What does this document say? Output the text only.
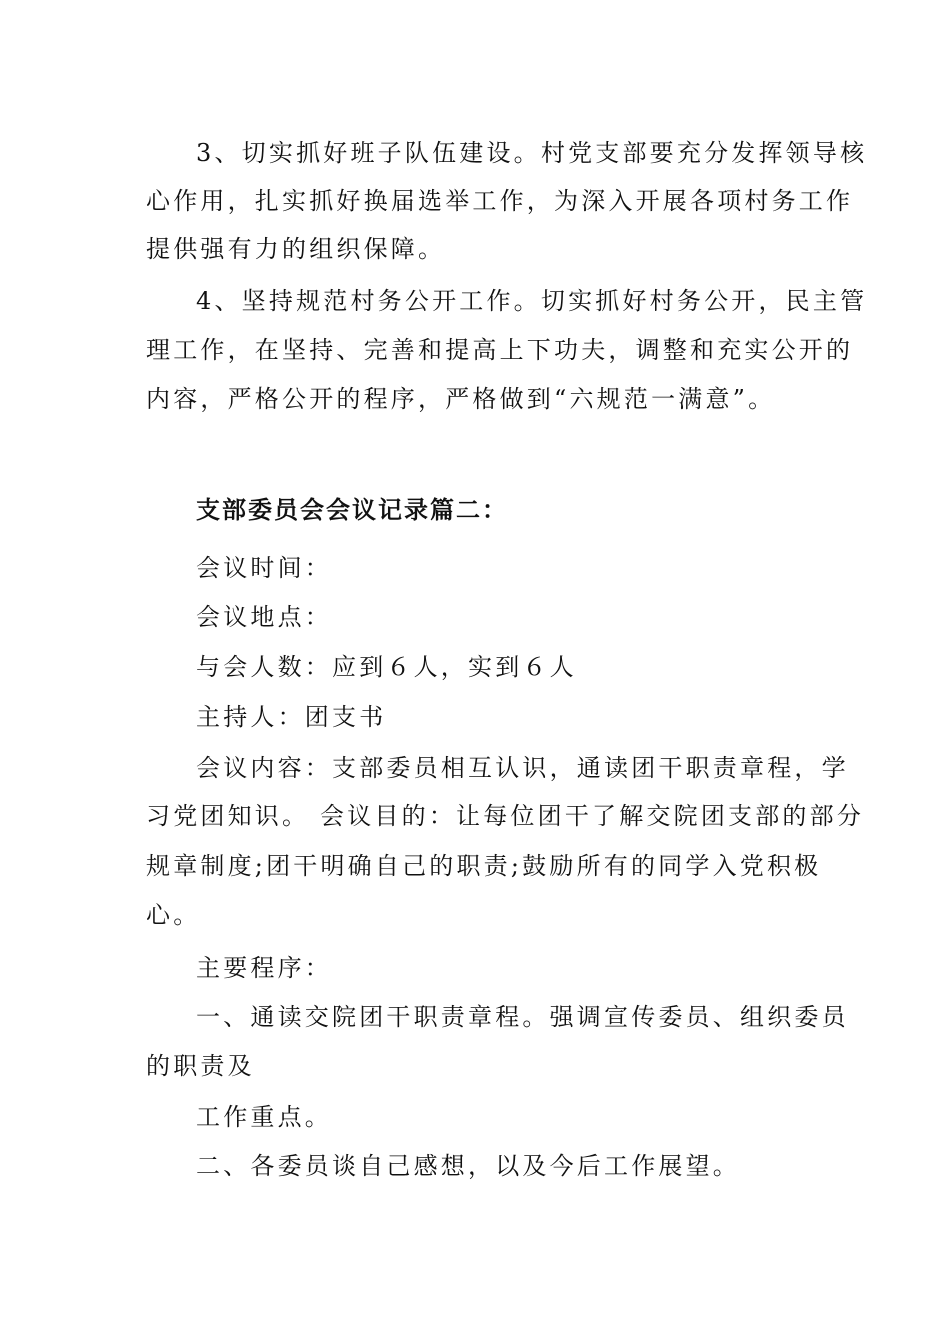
3、切实抓好班子队伍建设。村党支部要充分发挥领导核
心作用，扎实抓好换届选举工作，为深入开展各项村务工作
提供强有力的组织保障。
4、坚持规范村务公开工作。切实抓好村务公开，民主管
理工作，在坚持、完善和提高上下功夫，调整和充实公开的
内容，严格公开的程序，严格做到“六规范一满意”。
支部委员会会议记录篇二：
会议时间：
会议地点：
与会人数：应到６人，实到６人
主持人：团支书
会议内容：支部委员相互认识，通读团干职责章程，学
习党团知识。 会议目的：让每位团干了解交院团支部的部分
规章制度;团干明确自己的职责;鼓励所有的同学入党积极
心。
主要程序：
一、通读交院团干职责章程。强调宣传委员、组织委员
的职责及
工作重点。
二、各委员谈自己感想，以及今后工作展望。
